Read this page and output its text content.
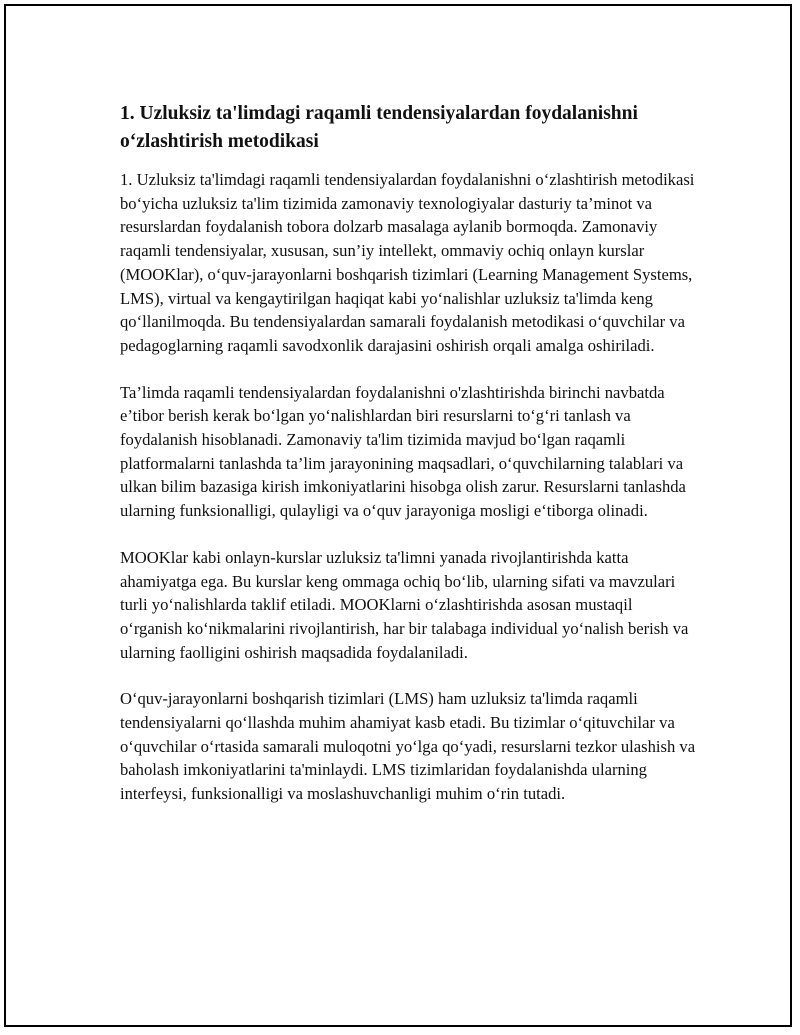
1. Uzluksiz ta'limdagi raqamli tendensiyalardan foydalanishni o‘zlashtirish metodikasi

1. Uzluksiz ta'limdagi raqamli tendensiyalardan foydalanishni o‘zlashtirish metodikasi bo‘yicha uzluksiz ta'lim tizimida zamonaviy texnologiyalar dasturiy ta’minot va resurslardan foydalanish tobora dolzarb masalaga aylanib bormoqda. Zamonaviy raqamli tendensiyalar, xususan, sun’iy intellekt, ommaviy ochiq onlayn kurslar (MOOKlar), o‘quv-jarayonlarni boshqarish tizimlari (Learning Management Systems, LMS), virtual va kengaytirilgan haqiqat kabi yo‘nalishlar uzluksiz ta'limda keng qo‘llanilmoqda. Bu tendensiyalardan samarali foydalanish metodikasi o‘quvchilar va pedagoglarning raqamli savodxonlik darajasini oshirish orqali amalga oshiriladi.

Ta’limda raqamli tendensiyalardan foydalanishni o'zlashtirishda birinchi navbatda e’tibor berish kerak bo‘lgan yo‘nalishlardan biri resurslarni to‘g‘ri tanlash va foydalanish hisoblanadi. Zamonaviy ta'lim tizimida mavjud bo‘lgan raqamli platformalarni tanlashda ta’lim jarayonining maqsadlari, o‘quvchilarning talablari va ulkan bilim bazasiga kirish imkoniyatlarini hisobga olish zarur. Resurslarni tanlashda ularning funksionalligi, qulayligi va o‘quv jarayoniga mosligi e‘tiborga olinadi.

MOOKlar kabi onlayn-kurslar uzluksiz ta'limni yanada rivojlantirishda katta ahamiyatga ega. Bu kurslar keng ommaga ochiq bo‘lib, ularning sifati va mavzulari turli yo‘nalishlarda taklif etiladi. MOOKlarni o‘zlashtirishda asosan mustaqil o‘rganish ko‘nikmalarini rivojlantirish, har bir talabaga individual yo‘nalish berish va ularning faolligini oshirish maqsadida foydalaniladi.

O‘quv-jarayonlarni boshqarish tizimlari (LMS) ham uzluksiz ta'limda raqamli tendensiyalarni qo‘llashda muhim ahamiyat kasb etadi. Bu tizimlar o‘qituvchilar va o‘quvchilar o‘rtasida samarali muloqotni yo‘lga qo‘yadi, resurslarni tezkor ulashish va baholash imkoniyatlarini ta'minlaydi. LMS tizimlaridan foydalanishda ularning interfeysi, funksionalligi va moslashuvchanligi muhim o‘rin tutadi.
